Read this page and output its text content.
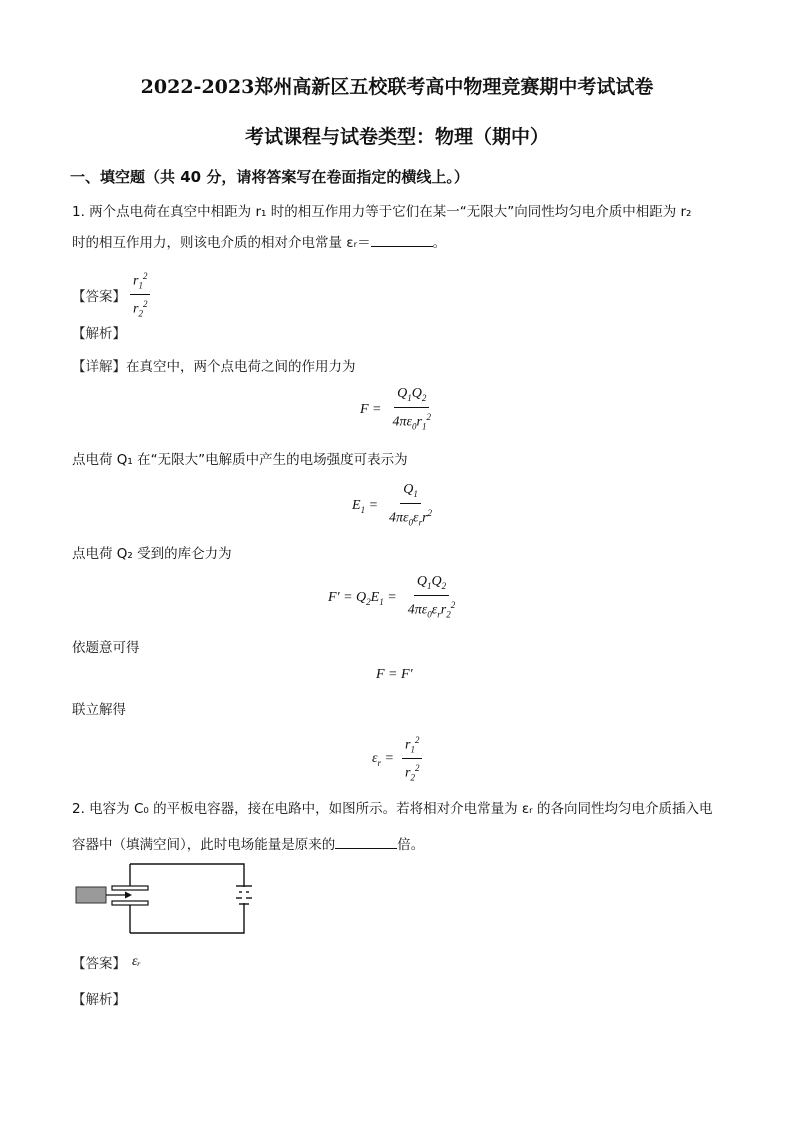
2022-2023郑州高新区五校联考高中物理竞赛期中考试试卷
考试课程与试卷类型：物理（期中）
一、填空题（共 40 分，请将答案写在卷面指定的横线上。）
1. 两个点电荷在真空中相距为 r₁ 时的相互作用力等于它们在某一“无限大”向同性均匀电介质中相距为 r₂
时的相互作用力，则该电介质的相对介电常量 εᵣ＝	。
【答案】 $\frac{r_1^2}{r_2^2}$
【解析】
【详解】在真空中，两个点电荷之间的作用力为
$F = \frac{Q_1Q_2}{4\pi\varepsilon_0r_1^2}$
点电荷 Q₁ 在“无限大”电解质中产生的电场强度可表示为
$E_1 = \frac{Q_1}{4\pi\varepsilon_0\varepsilon_rr^2}$
点电荷 Q₂ 受到的库仑力为
$F' = Q_2E_1 = \frac{Q_1Q_2}{4\pi\varepsilon_0\varepsilon_rr_2^2}$
依题意可得
F = F′
联立解得
$\varepsilon_r = \frac{r_1^2}{r_2^2}$
2. 电容为 C₀ 的平板电容器，接在电路中，如图所示。若将相对介电常量为 εᵣ 的各向同性均匀电介质插入电
容器中（填满空间），此时电场能量是原来的	倍。
【答案】 εᵣ
【解析】
